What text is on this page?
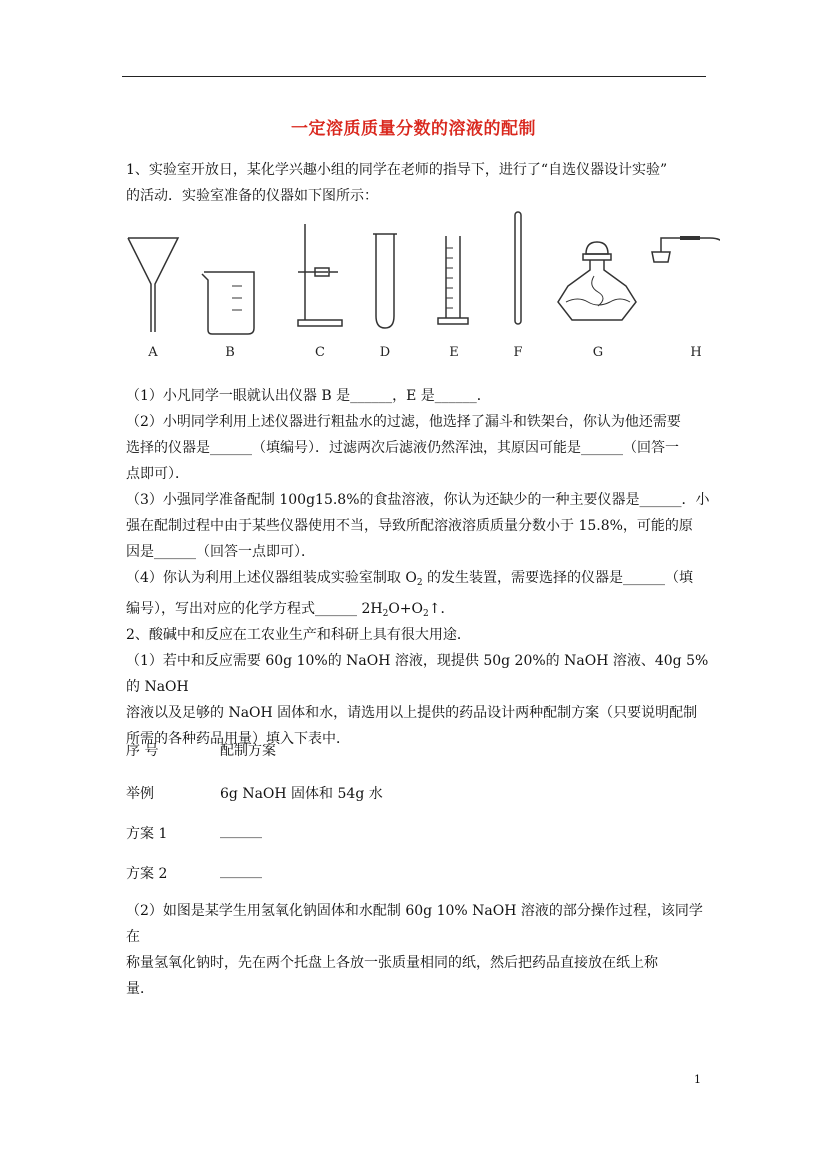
一定溶质质量分数的溶液的配制
1、实验室开放日，某化学兴趣小组的同学在老师的指导下，进行了“自选仪器设计实验”
的活动．实验室准备的仪器如下图所示：
A	B	C	D	E	F	G	H
（1）小凡同学一眼就认出仪器 B 是______，E 是______．
（2）小明同学利用上述仪器进行粗盐水的过滤，他选择了漏斗和铁架台，你认为他还需要
选择的仪器是______（填编号）．过滤两次后滤液仍然浑浊，其原因可能是______（回答一
点即可）．
（3）小强同学准备配制 100g15.8%的食盐溶液，你认为还缺少的一种主要仪器是______．小
强在配制过程中由于某些仪器使用不当，导致所配溶液溶质质量分数小于 15.8%，可能的原
因是______（回答一点即可）．
（4）你认为利用上述仪器组装成实验室制取 $O_2$ 的发生装置，需要选择的仪器是______（填
编号），写出对应的化学方程式______ $2H_2O+O_2↑$．
2、酸碱中和反应在工农业生产和科研上具有很大用途．
（1）若中和反应需要 60g 10%的 NaOH 溶液，现提供 50g 20%的 NaOH 溶液、40g 5%的 NaOH
溶液以及足够的 NaOH 固体和水，请选用以上提供的药品设计两种配制方案（只要说明配制
所需的各种药品用量）填入下表中．
序 号	配制方案
举例	6g NaOH 固体和 54g 水
方案 1	______
方案 2	______
（2）如图是某学生用氢氧化钠固体和水配制 60g 10% NaOH 溶液的部分操作过程，该同学在
称量氢氧化钠时，先在两个托盘上各放一张质量相同的纸，然后把药品直接放在纸上称
量．
1
